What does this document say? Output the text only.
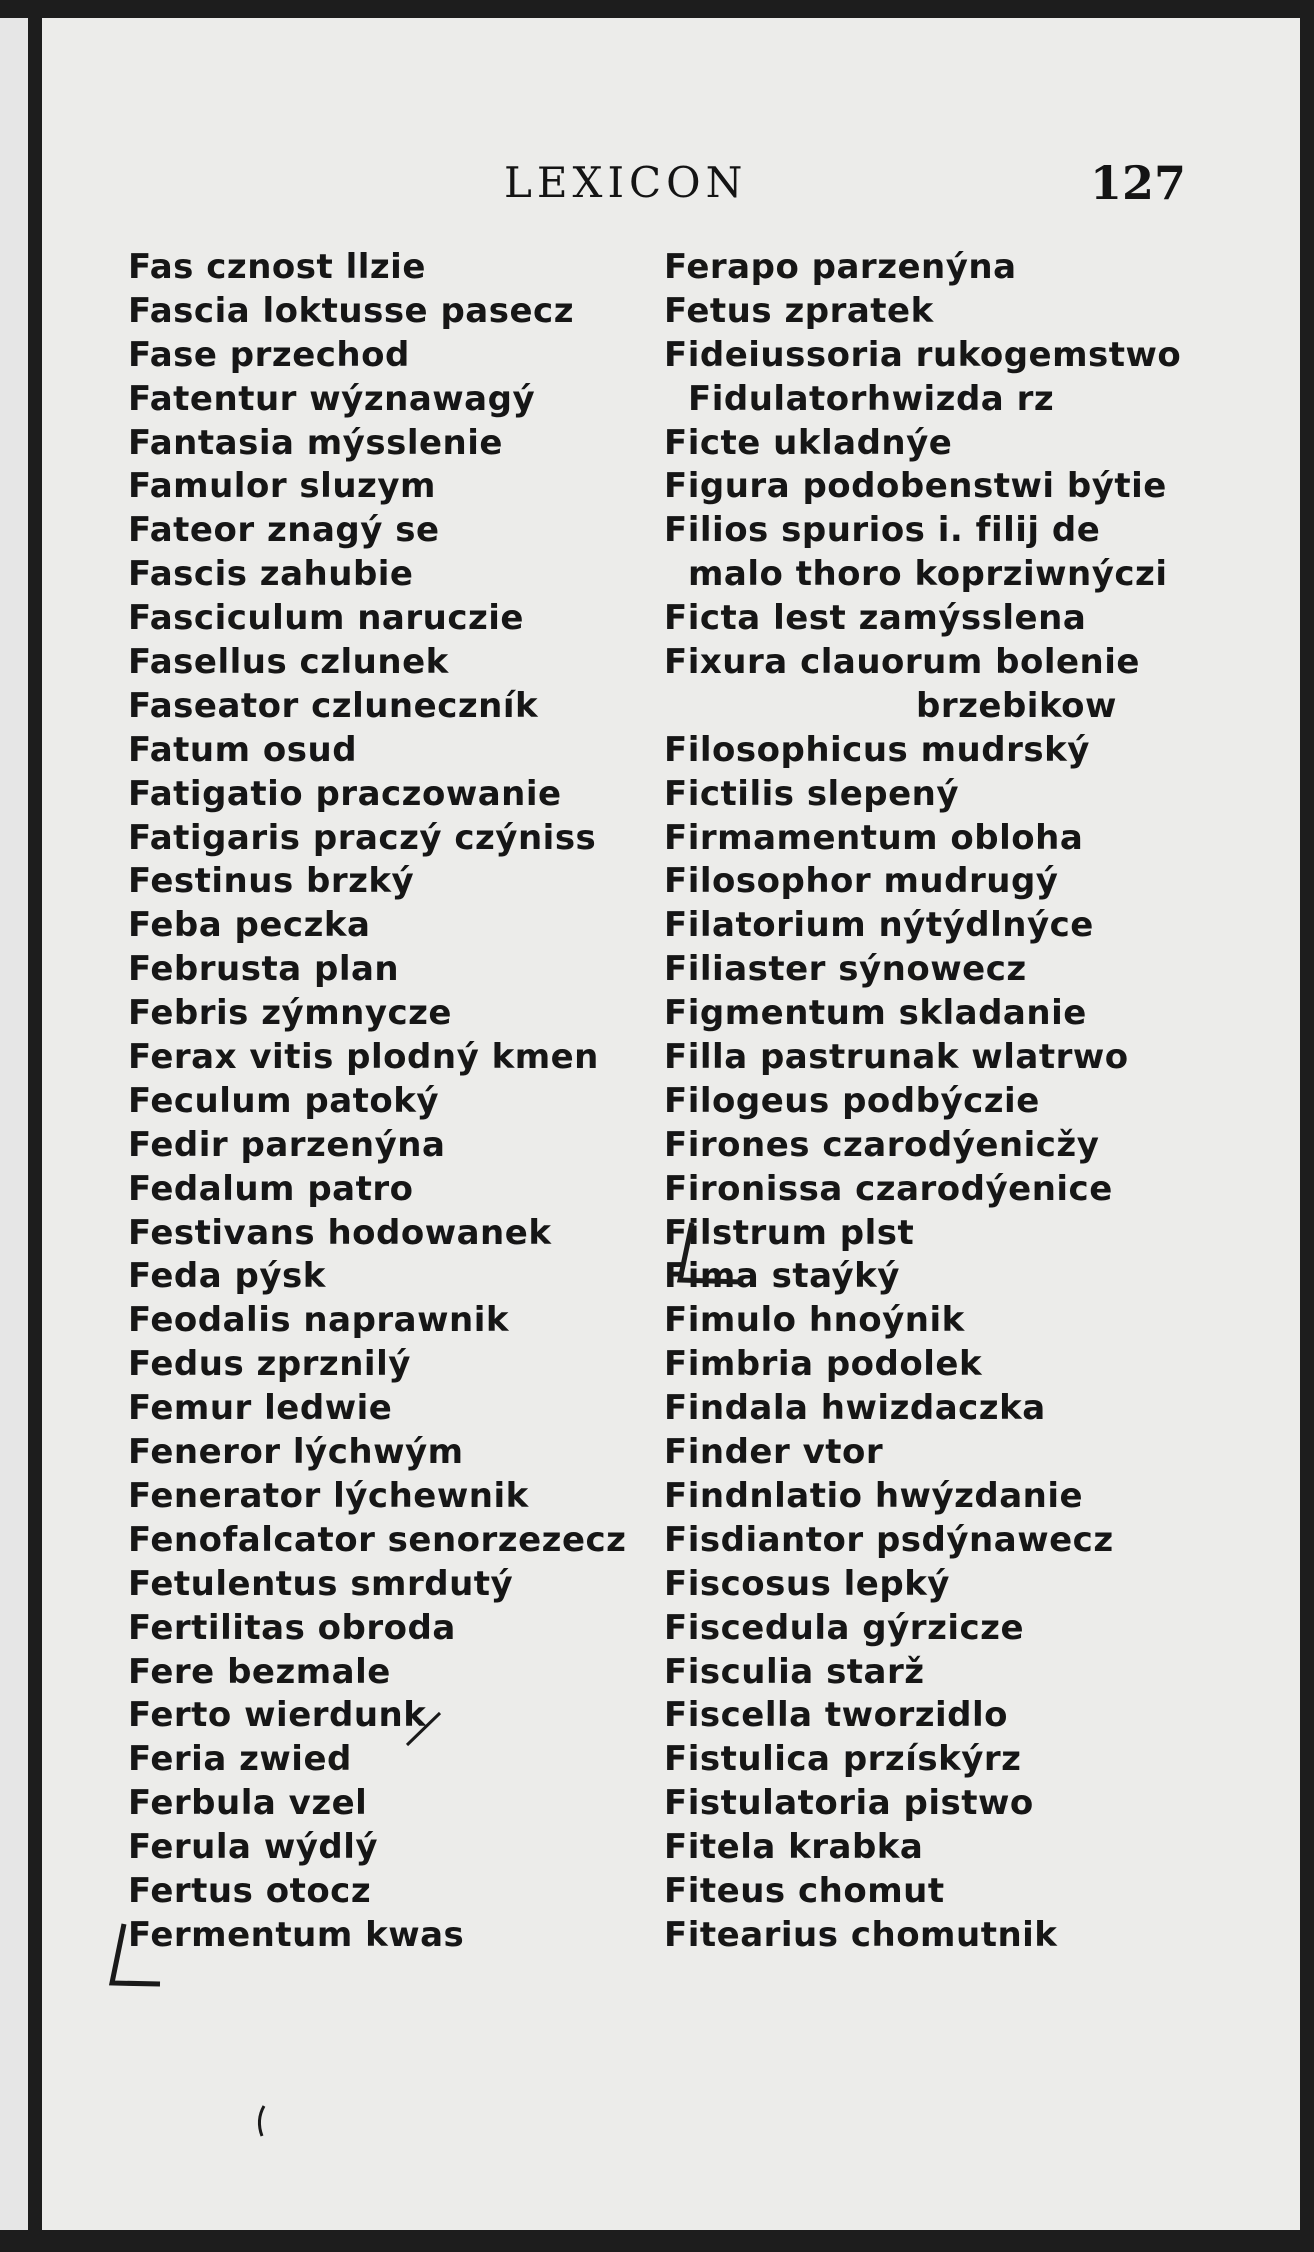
LEXICON	127
Fas cznost llzie
Fascia loktusse pasecz
Fase przechod
Fatentur wýznawagý
Fantasia mýsslenie
Famulor sluzym
Fateor znagý se
Fascis zahubie
Fasciculum naruczie
Fasellus czlunek
Faseator czluneczník
Fatum osud
Fatigatio praczowanie
Fatigaris praczý czýniss
Festinus brzký
Feba peczka
Februsta plan
Febris zýmnycze
Ferax vitis plodný kmen
Feculum patoký
Fedir parzenýna
Fedalum patro
Festivans hodowanek
Feda pýsk
Feodalis naprawnik
Fedus zprznilý
Femur ledwie
Feneror lýchwým
Fenerator lýchewnik
Fenofalcator senorzezecz
Fetulentus smrdutý
Fertilitas obroda
Fere bezmale
Ferto wierdunk
Feria zwied
Ferbula vzel
Ferula wýdlý
Fertus otocz
Fermentum kwas
Ferapo parzenýna
Fetus zpratek
Fideiussoria rukogemstwo
Fidulatorhwizda rz
Ficte ukladnýe
Figura podobenstwi býtie
Filios spurios i. filij de
malo thoro koprziwnýczi
Ficta lest zamýsslena
Fixura clauorum bolenie
brzebikow
Filosophicus mudrský
Fictilis slepený
Firmamentum obloha
Filosophor mudrugý
Filatorium nýtýdlnýce
Filiaster sýnowecz
Figmentum skladanie
Filla pastrunak wlatrwo
Filogeus podbýczie
Firones czarodýenicžy
Fironissa czarodýenice
Filstrum plst
Fima staýký
Fimulo hnoýnik
Fimbria podolek
Findala hwizdaczka
Finder vtor
Findnlatio hwýzdanie
Fisdiantor psdýnawecz
Fiscosus lepký
Fiscedula gýrzicze
Fisculia starž
Fiscella tworzidlo
Fistulica przískýrz
Fistulatoria pistwo
Fitela krabka
Fiteus chomut
Fitearius chomutnik
